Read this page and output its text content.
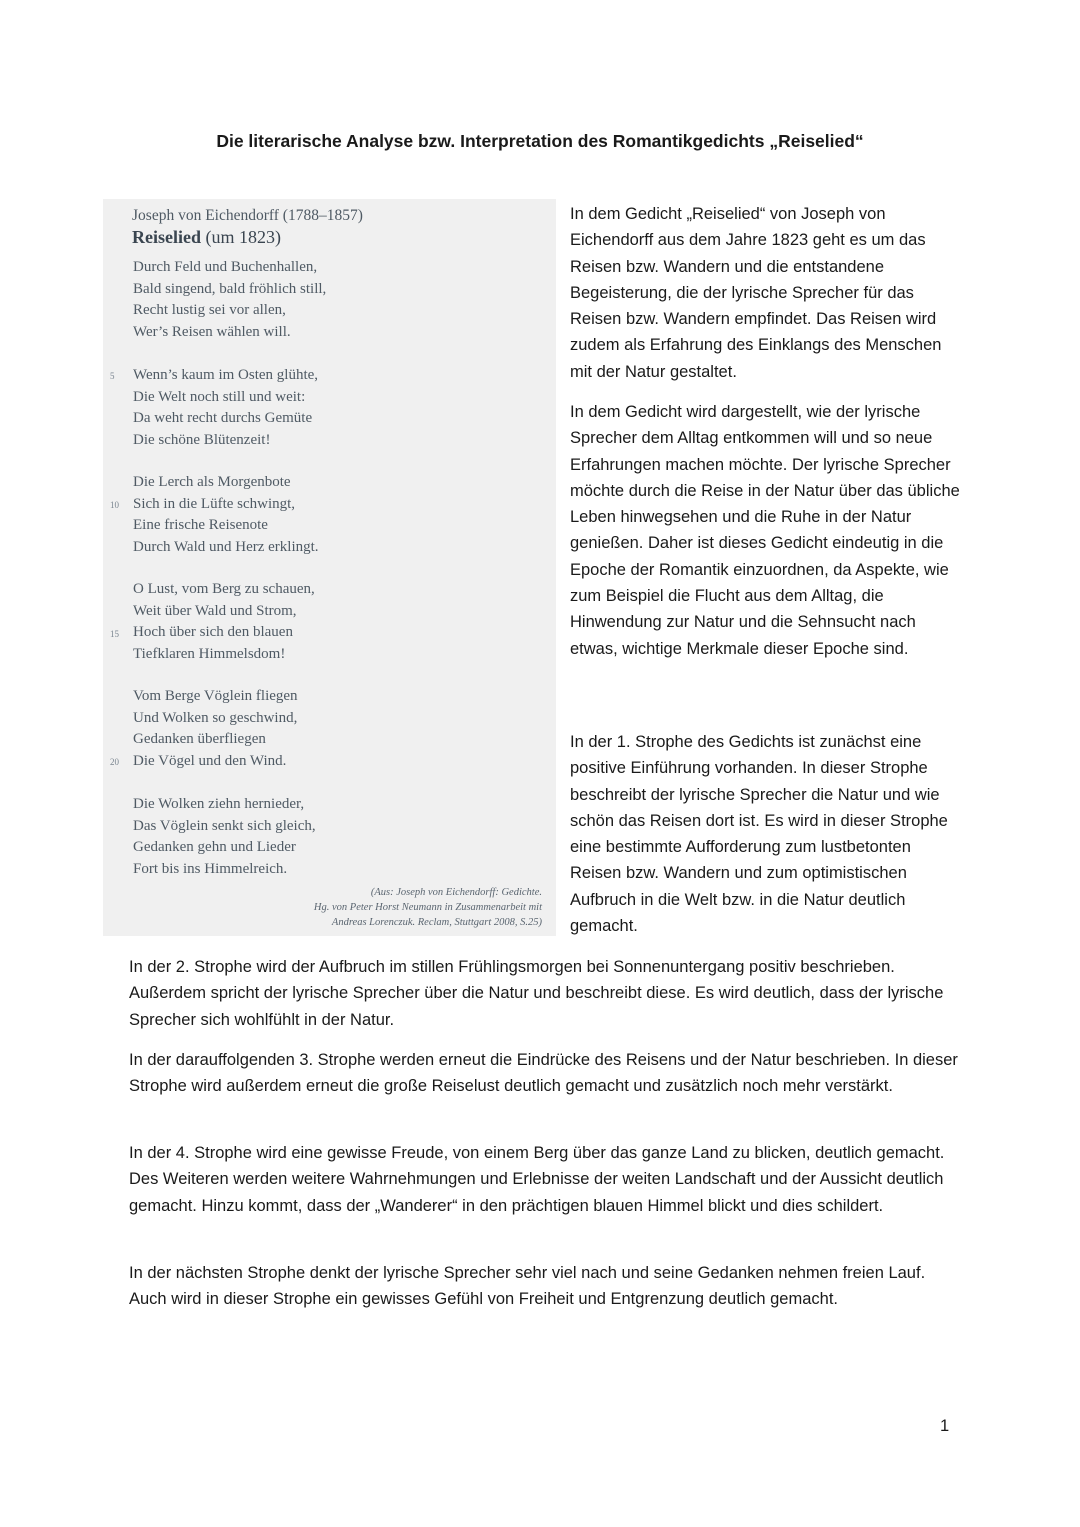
Die literarische Analyse bzw. Interpretation des Romantikgedichts „Reiselied“
Joseph von Eichendorff (1788–1857)
Reiselied (um 1823)
Durch Feld und Buchenhallen,
Bald singend, bald fröhlich still,
Recht lustig sei vor allen,
Wer’s Reisen wählen will.
Wenn’s kaum im Osten glühte,
Die Welt noch still und weit:
Da weht recht durchs Gemüte
Die schöne Blütenzeit!
Die Lerch als Morgenbote
Sich in die Lüfte schwingt,
Eine frische Reisenote
Durch Wald und Herz erklingt.
O Lust, vom Berg zu schauen,
Weit über Wald und Strom,
Hoch über sich den blauen
Tiefklaren Himmelsdom!
Vom Berge Vöglein fliegen
Und Wolken so geschwind,
Gedanken überfliegen
Die Vögel und den Wind.
Die Wolken ziehn hernieder,
Das Vöglein senkt sich gleich,
Gedanken gehn und Lieder
Fort bis ins Himmelreich.
5
10
15
20
(Aus: Joseph von Eichendorff: Gedichte.
Hg. von Peter Horst Neumann in Zusammenarbeit mit
Andreas Lorenczuk. Reclam, Stuttgart 2008, S.25)

In dem Gedicht „Reiselied“ von Joseph von Eichendorff aus dem Jahre 1823 geht es um das Reisen bzw. Wandern und die entstandene Begeisterung, die der lyrische Sprecher für das Reisen bzw. Wandern empfindet. Das Reisen wird zudem als Erfahrung des Einklangs des Menschen mit der Natur gestaltet.

In dem Gedicht wird dargestellt, wie der lyrische Sprecher dem Alltag entkommen will und so neue Erfahrungen machen möchte. Der lyrische Sprecher möchte durch die Reise in der Natur über das übliche Leben hinwegsehen und die Ruhe in der Natur genießen. Daher ist dieses Gedicht eindeutig in die Epoche der Romantik einzuordnen, da Aspekte, wie zum Beispiel die Flucht aus dem Alltag, die Hinwendung zur Natur und die Sehnsucht nach etwas, wichtige Merkmale dieser Epoche sind.

In der 1. Strophe des Gedichts ist zunächst eine positive Einführung vorhanden. In dieser Strophe beschreibt der lyrische Sprecher die Natur und wie schön das Reisen dort ist. Es wird in dieser Strophe eine bestimmte Aufforderung zum lustbetonten Reisen bzw. Wandern und zum optimistischen Aufbruch in die Welt bzw. in die Natur deutlich gemacht.

In der 2. Strophe wird der Aufbruch im stillen Frühlingsmorgen bei Sonnenuntergang positiv beschrieben. Außerdem spricht der lyrische Sprecher über die Natur und beschreibt diese. Es wird deutlich, dass der lyrische Sprecher sich wohlfühlt in der Natur.

In der darauffolgenden 3. Strophe werden erneut die Eindrücke des Reisens und der Natur beschrieben. In dieser Strophe wird außerdem erneut die große Reiselust deutlich gemacht und zusätzlich noch mehr verstärkt.

In der 4. Strophe wird eine gewisse Freude, von einem Berg über das ganze Land zu blicken, deutlich gemacht. Des Weiteren werden weitere Wahrnehmungen und Erlebnisse der weiten Landschaft und der Aussicht deutlich gemacht. Hinzu kommt, dass der „Wanderer“ in den prächtigen blauen Himmel blickt und dies schildert.

In der nächsten Strophe denkt der lyrische Sprecher sehr viel nach und seine Gedanken nehmen freien Lauf. Auch wird in dieser Strophe ein gewisses Gefühl von Freiheit und Entgrenzung deutlich gemacht.

1
